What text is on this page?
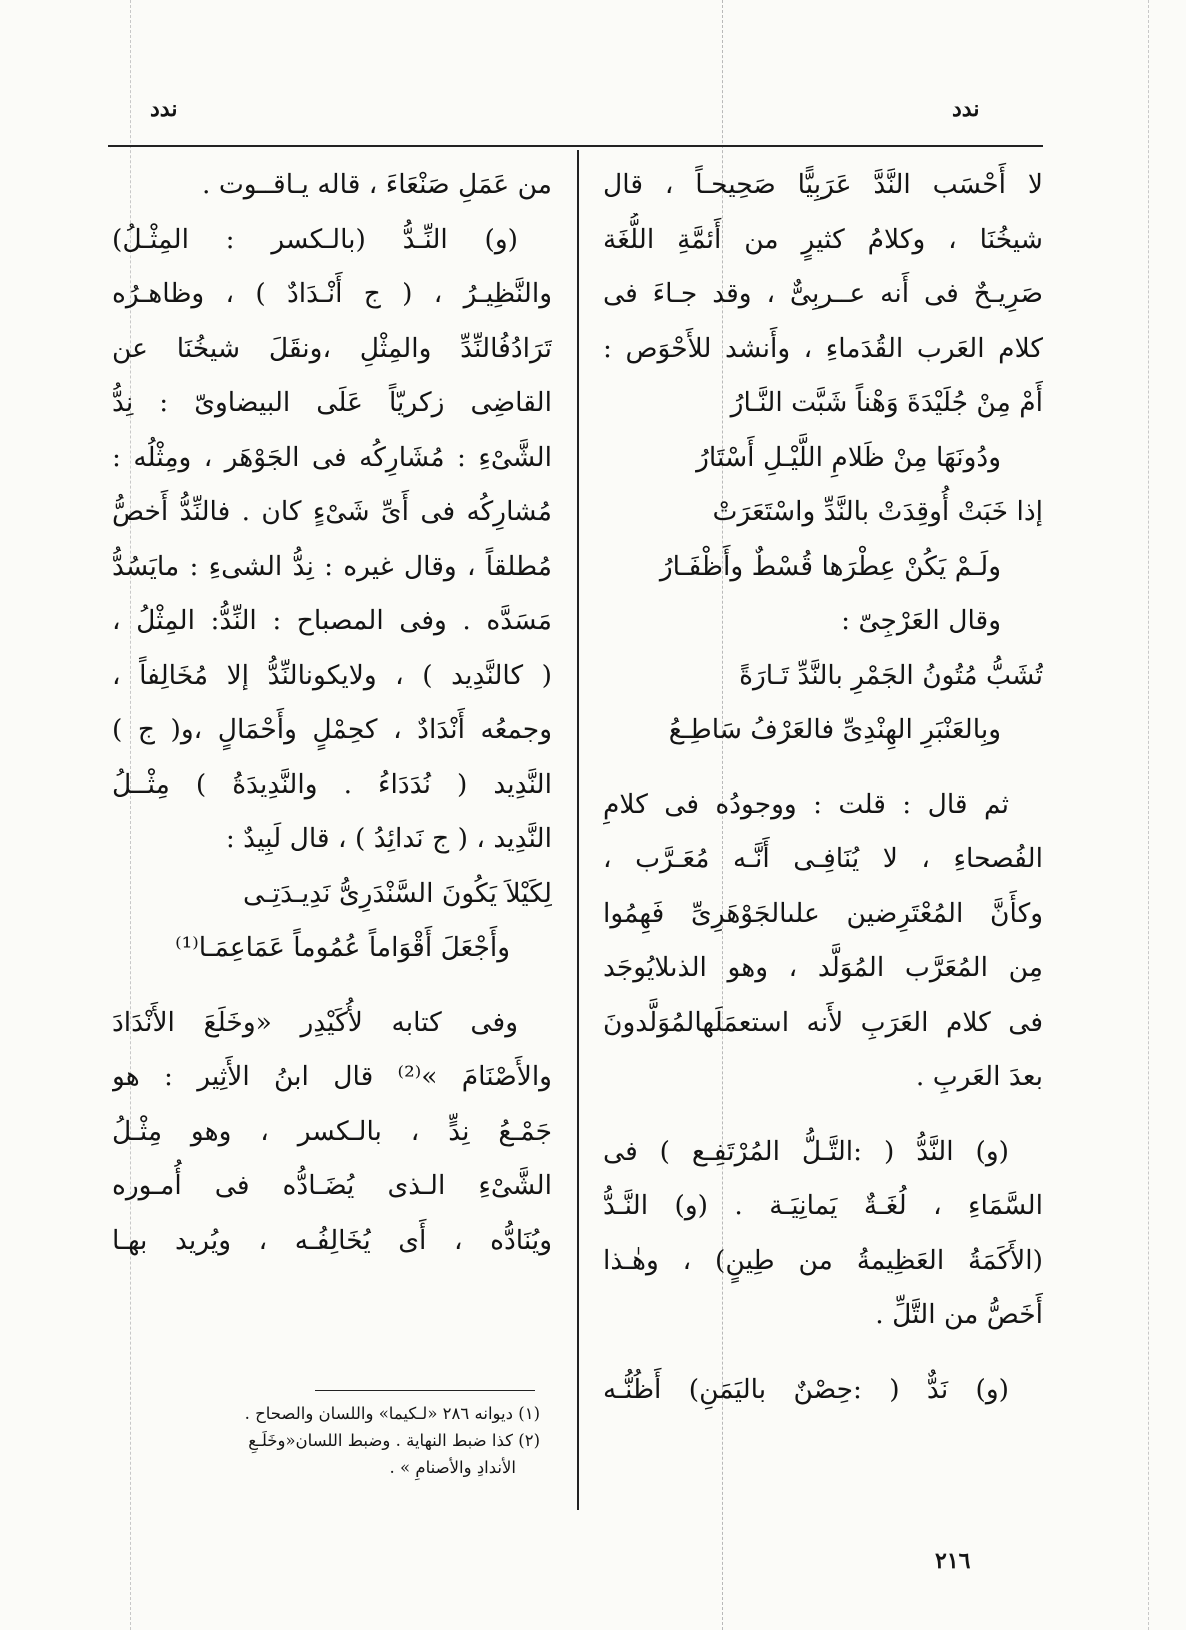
ندد
ندد
لا أَحْسَب النَّدَّ عَرَبِيًّا صَحِيحـاً ، قال
شيخُنَا ، وكلامُ كثيرٍ من أَئمَّةِ اللُّغَة
صَرِيـحٌ فى أَنه عــربِىٌّ ، وقد جـاءَ فى
كلام العَرب القُدَماءِ ، وأَنشد للأَحْوَص :
أَمْ مِنْ جُلَيْدَةَ وَهْناً شَبَّت النَّـارُ
ودُونَهَا مِنْ ظَلامِ اللَّيْـلِ أَسْتَارُ
إذا خَبَتْ أُوقِدَتْ بالنَّدِّ واسْتَعَرَتْ
ولَـمْ يَكُنْ عِطْرَها قُسْطٌ وأَظْفَـارُ
وقال العَرْجِىّ :
تُشَبُّ مُتُونُ الجَمْرِ بالنَّدِّ تَـارَةً
وبِالعَنْبَرِ الهِنْدِىِّ فالعَرْفُ سَاطِـعُ
ثم قال : قلت : ووجودُه فى كلامِ
الفُصحاءِ ، لا يُنَافِـى أَنَّـه مُعَـرَّب ،
وكأَنَّ المُعْتَرِضين علىالجَوْهَرِىِّ فَهِمُوا
مِن المُعَرَّب المُوَلَّد ، وهو الذىلايُوجَد
فى كلام العَرَبِ لأَنه استعمَلَهالمُوَلَّدونَ
بعدَ العَربِ .
(و) النَّدُّ ( :التَّـلُّ المُرْتَفِـع ) فى
السَّمَاءِ ، لُغَـةٌ يَمانِيَـة . (و) النَّـدُّ
(الأَكَمَةُ العَظِيمةُ من طِينٍ) ، وهٰـذا
أَخَصُّ من التَّلِّ .
(و) نَدٌّ ( :حِصْنٌ باليَمَنِ) أَظُنُّـه
من عَمَلِ صَنْعَاءَ ، قاله يـاقــوت .
(و) النِّـدُّ (بالـكسر : المِثْـلُ)
والنَّظِيـرُ ، ( ج أَنْـدَادٌ ) ، وظاهـرُه
تَرَادُفُالنِّدِّ والمِثْلِ ،ونقَلَ شيخُنَا عن
القاضِى زكريّاً عَلَى البيضاوىّ : نِدُّ
الشَّىْءِ : مُشَارِكُه فى الجَوْهَر ، ومِثْلُه :
مُشارِكُه فى أَىِّ شَىْءٍ كان . فالنِّدُّ أَخصُّ
مُطلقاً ، وقال غيره : نِدُّ الشىءِ : مايَسُدُّ
مَسَدَّه . وفى المصباح : النِّدُّ: المِثْلُ ،
( كالنَّدِيد ) ، ولايكونالنِّدُّ إلا مُخَالِفاً ،
وجمعُه أَنْدَادٌ ، كحِمْلٍ وأَحْمَالٍ ،و( ج )
النَّدِيد ( نُدَدَاءُ . والنَّدِيدَةُ ) مِثْــلُ
النَّدِيد ، ( ج نَدائِدُ ) ، قال لَبِيدٌ :
لِكَيْلاَ يَكُونَ السَّنْدَرِىُّ نَدِيـدَتِـى
وأَجْعَلَ أَقْوَاماً عُمُوماً عَمَاعِمَـا⁽¹⁾
وفى كتابه لأُكَيْدِر «وخَلَعَ الأَنْدَادَ
والأَصْنَامَ »⁽²⁾ قال ابنُ الأَثِير : هو
جَمْـعُ نِدٍّ ، بالـكسر ، وهو مِثْـلُ
الشَّىْءِ الـذى يُضَـادُّه فى أُمـوره
ويُنَادُّه ، أَى يُخَالِفُـه ، ويُريد بهـا
(١) ديوانه ٢٨٦ «لـكيما» واللسان والصحاح .
(٢) كذا ضبط النهاية . وضبط اللسان«وخَلَـعِ
الأندادِ والأصنامِ » .
٢١٦
